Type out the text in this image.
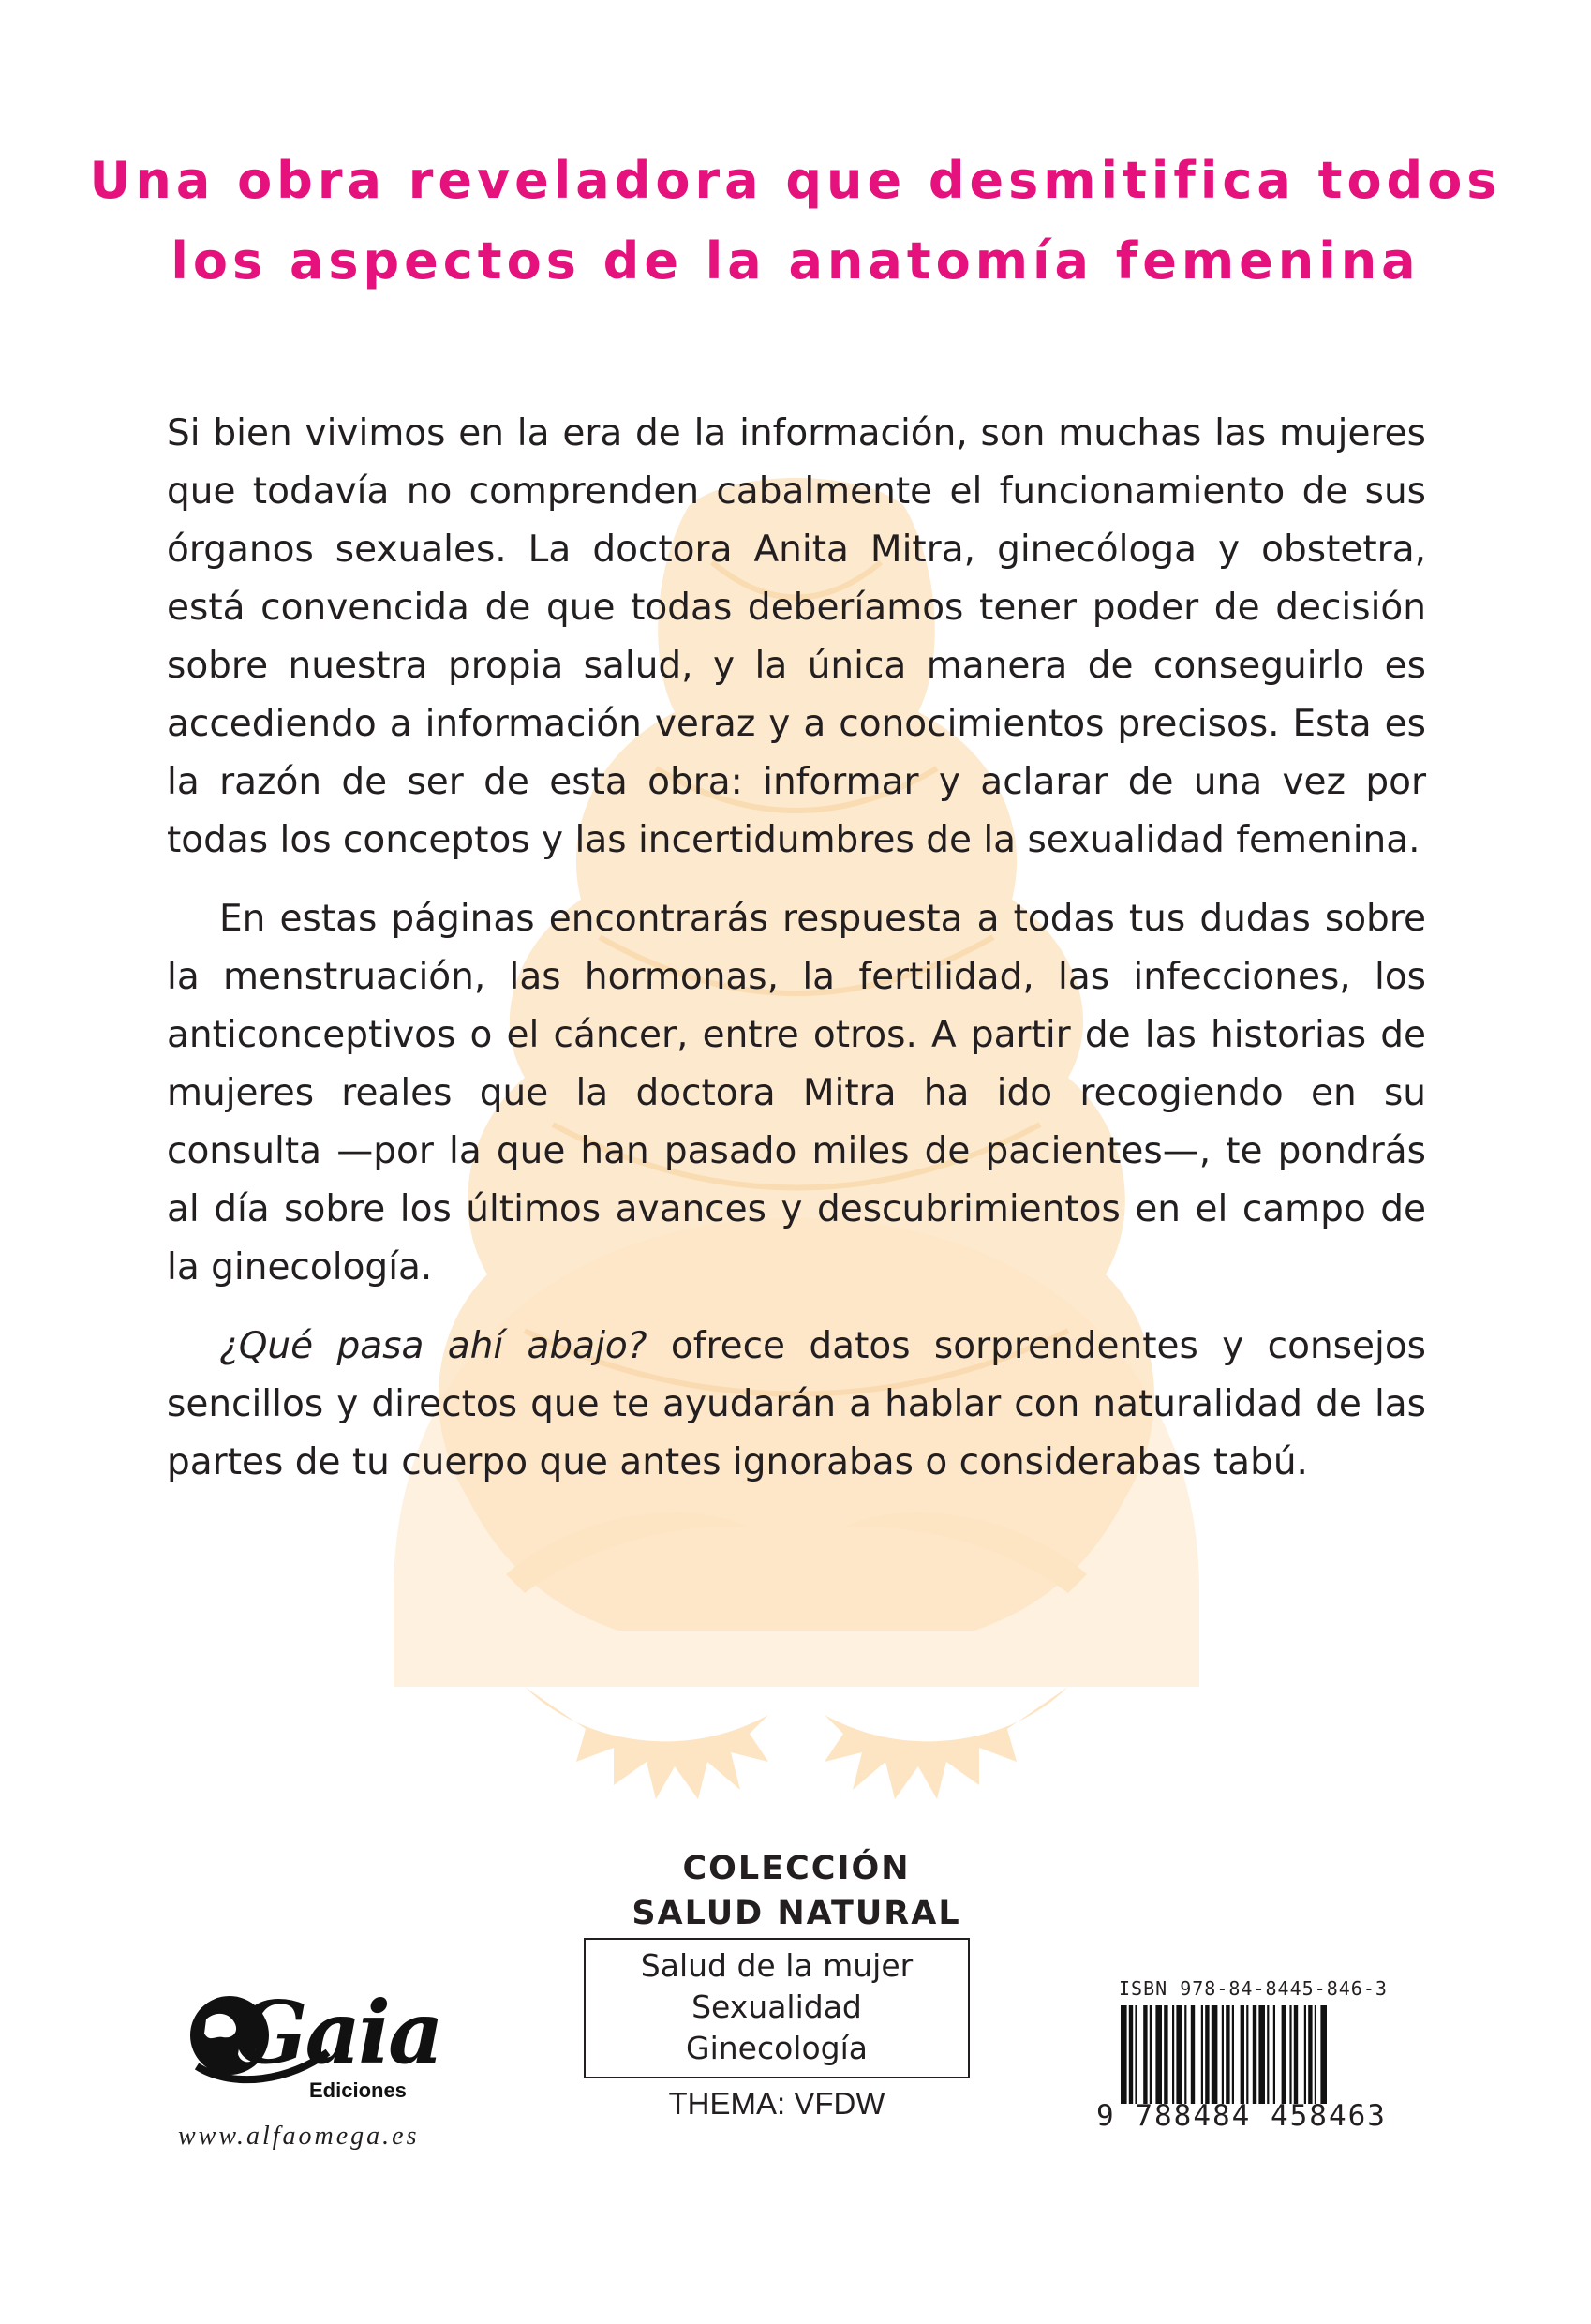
Una obra reveladora que desmitifica todos
los aspectos de la anatomía femenina

Si bien vivimos en la era de la información, son muchas las mujeres que todavía no comprenden cabalmente el funcionamiento de sus órganos sexuales. La doctora Anita Mitra, ginecóloga y obstetra, está convencida de que todas deberíamos tener poder de decisión sobre nuestra propia salud, y la única manera de conseguirlo es accediendo a información veraz y a conocimientos precisos. Esta es la razón de ser de esta obra: informar y aclarar de una vez por todas los conceptos y las incertidumbres de la sexualidad femenina.

En estas páginas encontrarás respuesta a todas tus dudas sobre la menstruación, las hormonas, la fertilidad, las infecciones, los anticonceptivos o el cáncer, entre otros. A partir de las historias de mujeres reales que la doctora Mitra ha ido recogiendo en su consulta —por la que han pasado miles de pacientes—, te pondrás al día sobre los últimos avances y descubrimientos en el campo de la ginecología.

¿Qué pasa ahí abajo? ofrece datos sorprendentes y consejos sencillos y directos que te ayudarán a hablar con naturalidad de las partes de tu cuerpo que antes ignorabas o considerabas tabú.

Gaia
Ediciones
www.alfaomega.es
COLECCIÓN
SALUD NATURAL
Salud de la mujer
Sexualidad
Ginecología
THEMA: VFDW
ISBN 978-84-8445-846-3
9 788484 458463
